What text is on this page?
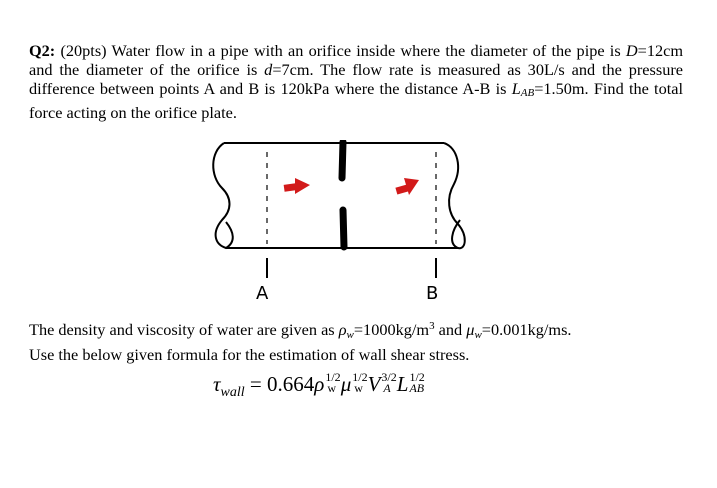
Q2: (20pts) Water flow in a pipe with an orifice inside where the diameter of the pipe is D=12cm and the diameter of the orifice is d=7cm. The flow rate is measured as 30L/s and the pressure difference between points A and B is 120kPa where the distance A-B is LAB=1.50m. Find the total force acting on the orifice plate.
A	B
The density and viscosity of water are given as $\rho w=1000kg/m^3$ and μw=0.001kg/ms.
Use the below given formula for the estimation of wall shear stress.
$\tau_{wall} = 0.664\rho 1/2$
w μ1/2
w V3/2
A L1/2
AB
